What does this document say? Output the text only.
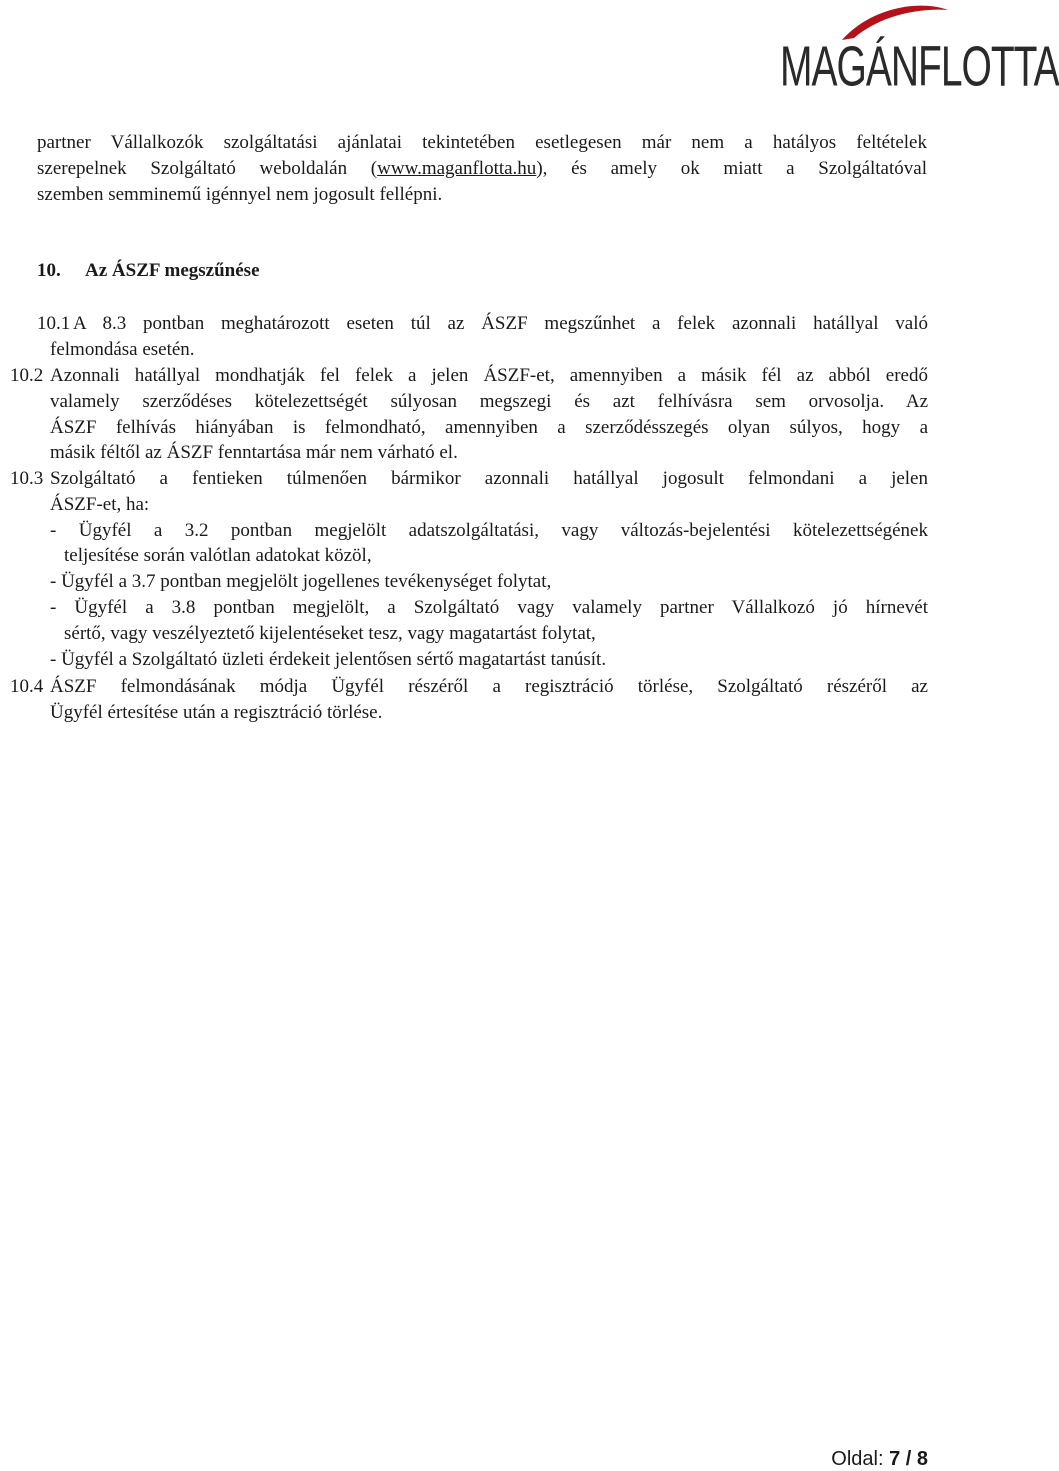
MAGÁNFLOTTA
partner Vállalkozók szolgáltatási ajánlatai tekintetében esetlegesen már nem a hatályos feltételek
szerepelnek Szolgáltató weboldalán (www.maganflotta.hu), és amely ok miatt a Szolgáltatóval
szemben semminemű igénnyel nem jogosult fellépni.
10. Az ÁSZF megszűnése
10.1 A 8.3 pontban meghatározott eseten túl az ÁSZF megszűnhet a felek azonnali hatállyal való
felmondása esetén.
10.2 Azonnali hatállyal mondhatják fel felek a jelen ÁSZF-et, amennyiben a másik fél az abból eredő
valamely szerződéses kötelezettségét súlyosan megszegi és azt felhívásra sem orvosolja. Az
ÁSZF felhívás hiányában is felmondható, amennyiben a szerződésszegés olyan súlyos, hogy a
másik féltől az ÁSZF fenntartása már nem várható el.
10.3 Szolgáltató a fentieken túlmenően bármikor azonnali hatállyal jogosult felmondani a jelen
ÁSZF-et, ha:
- Ügyfél a 3.2 pontban megjelölt adatszolgáltatási, vagy változás-bejelentési kötelezettségének
teljesítése során valótlan adatokat közöl,
- Ügyfél a 3.7 pontban megjelölt jogellenes tevékenységet folytat,
- Ügyfél a 3.8 pontban megjelölt, a Szolgáltató vagy valamely partner Vállalkozó jó hírnevét
sértő, vagy veszélyeztető kijelentéseket tesz, vagy magatartást folytat,
- Ügyfél a Szolgáltató üzleti érdekeit jelentősen sértő magatartást tanúsít.
10.4 ÁSZF felmondásának módja Ügyfél részéről a regisztráció törlése, Szolgáltató részéről az
Ügyfél értesítése után a regisztráció törlése.
Oldal: 7 / 8
